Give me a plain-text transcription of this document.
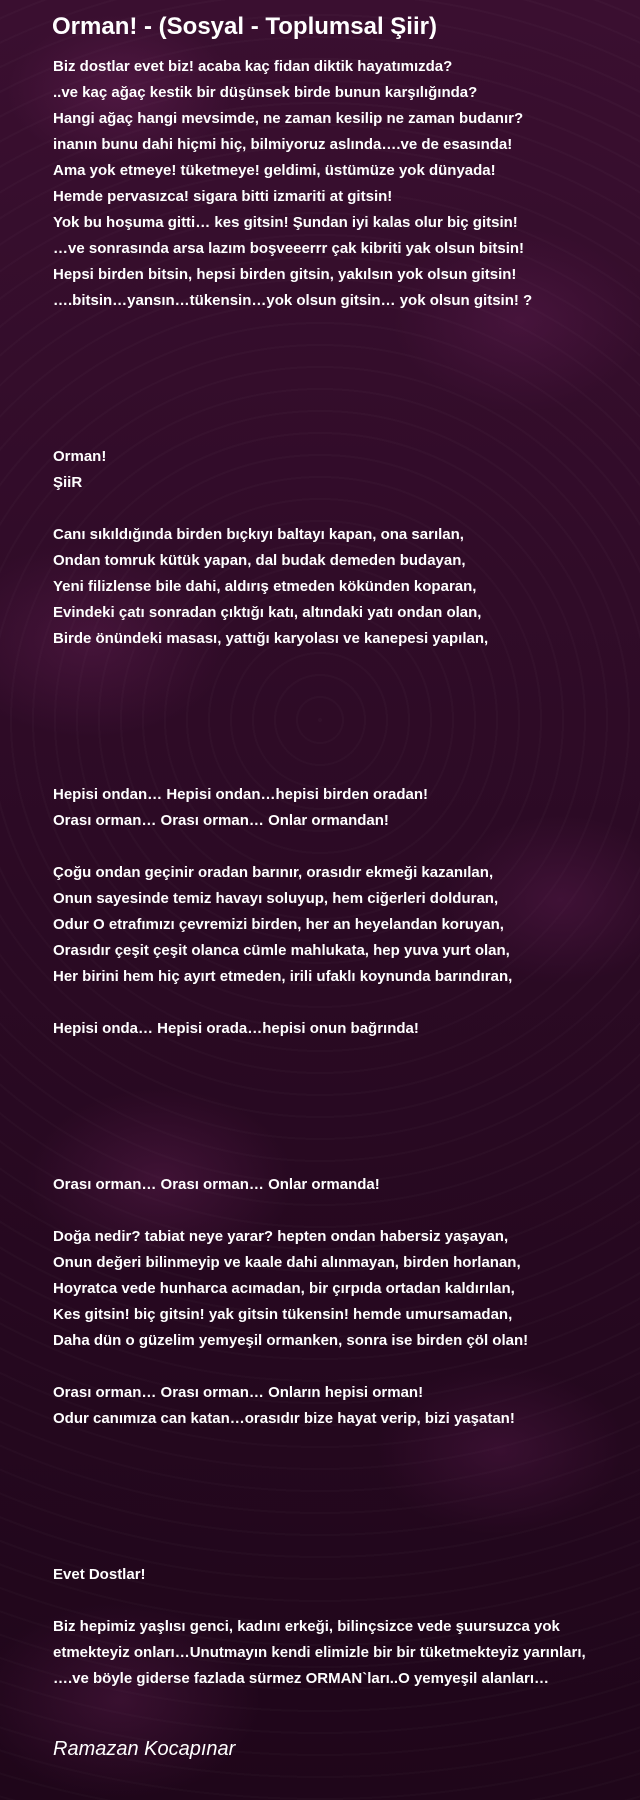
Orman! - (Sosyal - Toplumsal Şiir)
Biz dostlar evet biz! acaba kaç fidan diktik hayatımızda?
..ve kaç ağaç kestik bir düşünsek birde bunun karşılığında?
Hangi ağaç hangi mevsimde, ne zaman kesilip ne zaman budanır?
inanın bunu dahi hiçmi hiç, bilmiyoruz aslında….ve de esasında!
Ama yok etmeye! tüketmeye! geldimi, üstümüze yok dünyada!
Hemde pervasızca! sigara bitti izmariti at gitsin!
Yok bu hoşuma gitti… kes gitsin! Şundan iyi kalas olur biç gitsin!
…ve sonrasında arsa lazım boşveeerrr çak kibriti yak olsun bitsin!
Hepsi birden bitsin, hepsi birden gitsin, yakılsın yok olsun gitsin!
….bitsin…yansın…tükensin…yok olsun gitsin… yok olsun gitsin! ?
Orman!
ŞiiR
Canı sıkıldığında birden bıçkıyı baltayı kapan, ona sarılan,
Ondan tomruk kütük yapan, dal budak demeden budayan,
Yeni filizlense bile dahi, aldırış etmeden kökünden koparan,
Evindeki çatı sonradan çıktığı katı, altındaki yatı ondan olan,
Birde önündeki masası, yattığı karyolası ve kanepesi yapılan,
Hepisi ondan… Hepisi ondan…hepisi birden oradan!
Orası orman… Orası orman… Onlar ormandan!
Çoğu ondan geçinir oradan barınır, orasıdır ekmeği kazanılan,
Onun sayesinde temiz havayı soluyup, hem ciğerleri dolduran,
Odur O etrafımızı çevremizi birden, her an heyelandan koruyan,
Orasıdır çeşit çeşit olanca cümle mahlukata, hep yuva yurt olan,
Her birini hem hiç ayırt etmeden, irili ufaklı koynunda barındıran,
Hepisi onda… Hepisi orada…hepisi onun bağrında!
Orası orman… Orası orman… Onlar ormanda!
Doğa nedir? tabiat neye yarar? hepten ondan habersiz yaşayan,
Onun değeri bilinmeyip ve kaale dahi alınmayan, birden horlanan,
Hoyratca vede hunharca acımadan, bir çırpıda ortadan kaldırılan,
Kes gitsin! biç gitsin! yak gitsin tükensin! hemde umursamadan,
Daha dün o güzelim yemyeşil ormanken, sonra ise birden çöl olan!
Orası orman… Orası orman… Onların hepisi orman!
Odur canımıza can katan…orasıdır bize hayat verip, bizi yaşatan!
Evet Dostlar!
Biz hepimiz yaşlısı genci, kadını erkeği, bilinçsizce vede şuursuzca yok etmekteyiz onları…Unutmayın kendi elimizle bir bir tüketmekteyiz yarınları,
….ve böyle giderse fazlada sürmez ORMAN`ları..O yemyeşil alanları…
Ramazan Kocapınar
